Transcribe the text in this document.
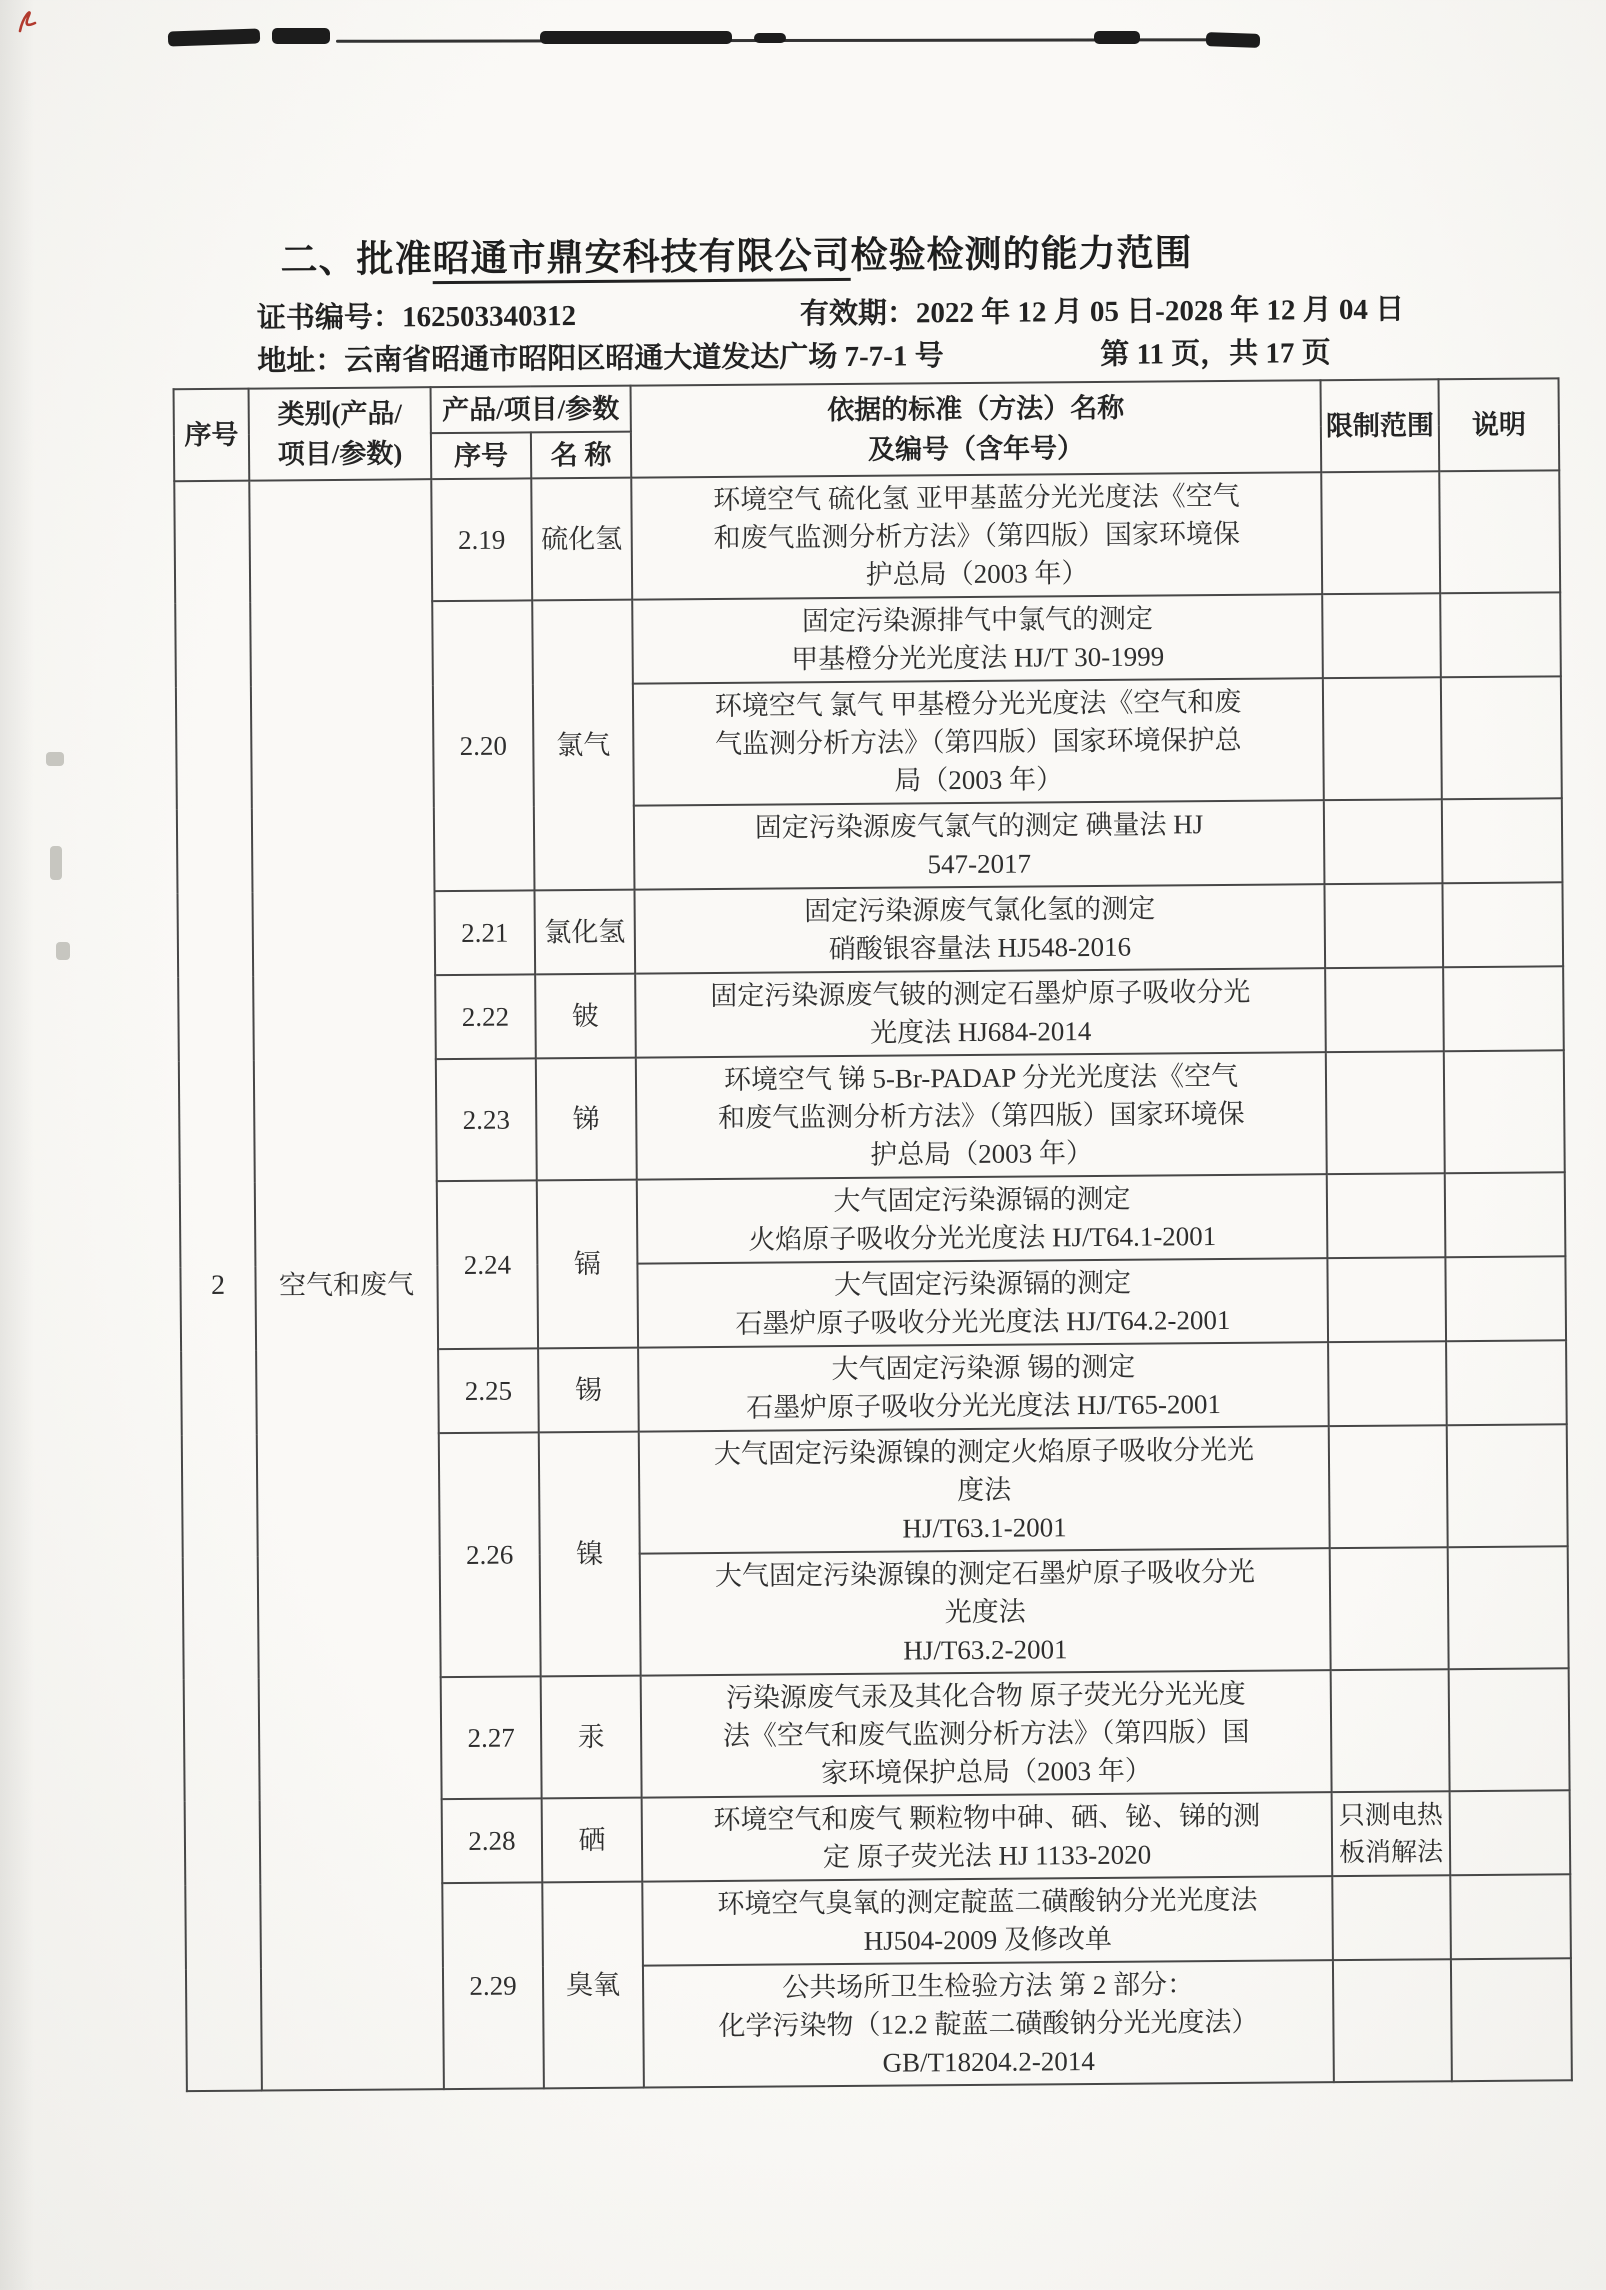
二、批准昭通市鼎安科技有限公司检验检测的能力范围
证书编号：162503340312	有效期：2022 年 12 月 05 日-2028 年 12 月 04 日
地址：云南省昭通市昭阳区昭通大道发达广场 7-7-1 号	第 11 页，共 17 页
序号	类别(产品/
项目/参数)	产品/项目/参数		依据的标准（方法）名称
及编号（含年号）	限制范围	说明
		序号	名 称			
2	空气和废气	2.19	硫化氢	环境空气 硫化氢 亚甲基蓝分光光度法《空气
和废气监测分析方法》（第四版）国家环境保
护总局（2003 年）		
		2.20	氯气	固定污染源排气中氯气的测定
甲基橙分光光度法 HJ/T 30-1999		
				环境空气 氯气 甲基橙分光光度法《空气和废
气监测分析方法》（第四版）国家环境保护总
局（2003 年）		
				固定污染源废气氯气的测定 碘量法 HJ
547-2017		
		2.21	氯化氢	固定污染源废气氯化氢的测定
硝酸银容量法 HJ548-2016		
		2.22	铍	固定污染源废气铍的测定石墨炉原子吸收分光
光度法 HJ684-2014		
		2.23	锑	环境空气 锑 5-Br-PADAP 分光光度法《空气
和废气监测分析方法》（第四版）国家环境保
护总局（2003 年）		
		2.24	镉	大气固定污染源镉的测定
火焰原子吸收分光光度法 HJ/T64.1-2001		
				大气固定污染源镉的测定
石墨炉原子吸收分光光度法 HJ/T64.2-2001		
		2.25	锡	大气固定污染源 锡的测定
石墨炉原子吸收分光光度法 HJ/T65-2001		
		2.26	镍	大气固定污染源镍的测定火焰原子吸收分光光
度法
HJ/T63.1-2001		
				大气固定污染源镍的测定石墨炉原子吸收分光
光度法
HJ/T63.2-2001		
		2.27	汞	污染源废气汞及其化合物 原子荧光分光光度
法《空气和废气监测分析方法》（第四版）国
家环境保护总局（2003 年）		
		2.28	硒	环境空气和废气 颗粒物中砷、硒、铋、锑的测
定 原子荧光法 HJ 1133-2020	只测电热
板消解法	
		2.29	臭氧	环境空气臭氧的测定靛蓝二磺酸钠分光光度法
HJ504-2009 及修改单		
				公共场所卫生检验方法 第 2 部分：
化学污染物（12.2 靛蓝二磺酸钠分光光度法）
GB/T18204.2-2014		
